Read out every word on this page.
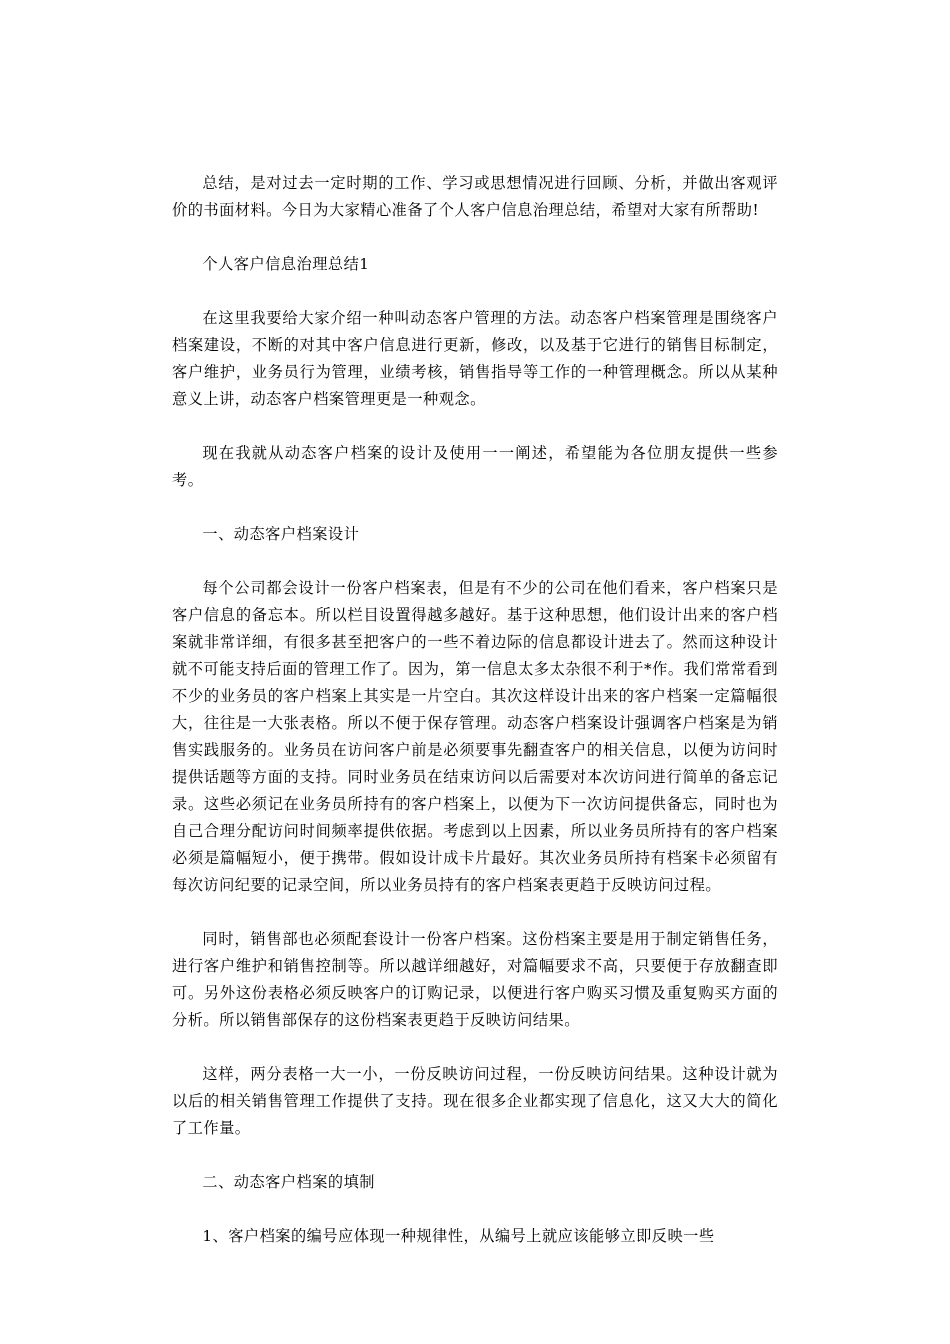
总结，是对过去一定时期的工作、学习或思想情况进行回顾、分析，并做出客观评价的书面材料。今日为大家精心准备了个人客户信息治理总结，希望对大家有所帮助!

个人客户信息治理总结1

在这里我要给大家介绍一种叫动态客户管理的方法。动态客户档案管理是围绕客户档案建设，不断的对其中客户信息进行更新，修改，以及基于它进行的销售目标制定，客户维护，业务员行为管理，业绩考核，销售指导等工作的一种管理概念。所以从某种意义上讲，动态客户档案管理更是一种观念。

现在我就从动态客户档案的设计及使用一一阐述，希望能为各位朋友提供一些参考。

一、动态客户档案设计

每个公司都会设计一份客户档案表，但是有不少的公司在他们看来，客户档案只是客户信息的备忘本。所以栏目设置得越多越好。基于这种思想，他们设计出来的客户档案就非常详细，有很多甚至把客户的一些不着边际的信息都设计进去了。然而这种设计就不可能支持后面的管理工作了。因为，第一信息太多太杂很不利于*作。我们常常看到不少的业务员的客户档案上其实是一片空白。其次这样设计出来的客户档案一定篇幅很大，往往是一大张表格。所以不便于保存管理。动态客户档案设计强调客户档案是为销售实践服务的。业务员在访问客户前是必须要事先翻查客户的相关信息，以便为访问时提供话题等方面的支持。同时业务员在结束访问以后需要对本次访问进行简单的备忘记录。这些必须记在业务员所持有的客户档案上，以便为下一次访问提供备忘，同时也为自己合理分配访问时间频率提供依据。考虑到以上因素，所以业务员所持有的客户档案必须是篇幅短小，便于携带。假如设计成卡片最好。其次业务员所持有档案卡必须留有每次访问纪要的记录空间，所以业务员持有的客户档案表更趋于反映访问过程。

同时，销售部也必须配套设计一份客户档案。这份档案主要是用于制定销售任务，进行客户维护和销售控制等。所以越详细越好，对篇幅要求不高，只要便于存放翻查即可。另外这份表格必须反映客户的订购记录，以便进行客户购买习惯及重复购买方面的分析。所以销售部保存的这份档案表更趋于反映访问结果。

这样，两分表格一大一小，一份反映访问过程，一份反映访问结果。这种设计就为以后的相关销售管理工作提供了支持。现在很多企业都实现了信息化，这又大大的简化了工作量。

二、动态客户档案的填制

1、客户档案的编号应体现一种规律性，从编号上就应该能够立即反映一些
